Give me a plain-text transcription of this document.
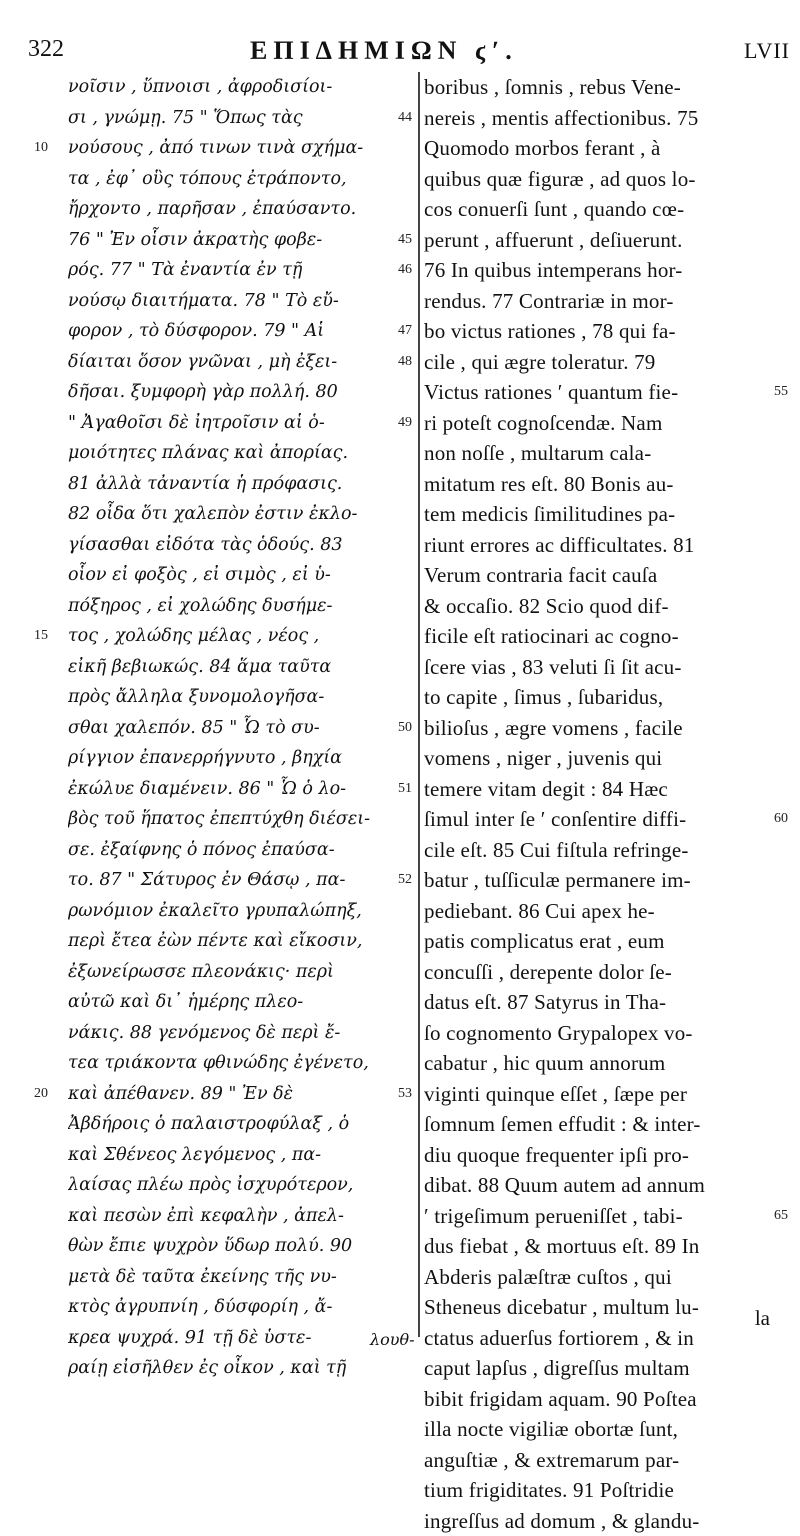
322	ΕΠΙΔΗΜΙΩΝ ϛʹ.	LVII
νοῖσιν , ὕπνοισι , ἀφροδισίοι-
σι , γνώμῃ. 75 " Ὅπως τὰς
νούσους , ἀπό τινων τινὰ σχήμα-
τα , ἐφ᾽ οὓς τόπους ἐτράποντο,
ἤρχοντο , παρῆσαν , ἐπαύσαντο.
76 " Ἐν οἷσιν ἀκρατὴς φοβε-
ρός. 77 " Τὰ ἐναντία ἐν τῇ
νούσῳ διαιτήματα. 78 " Τὸ εὔ-
φορον , τὸ δύσφορον. 79 " Αἱ
δίαιται ὅσον γνῶναι , μὴ ἐξει-
δῆσαι. ξυμφορὴ γὰρ πολλή. 80
" Ἀγαθοῖσι δὲ ἰητροῖσιν αἱ ὁ-
μοιότητες πλάνας καὶ ἀπορίας.
81 ἀλλὰ τἀναντία ἡ πρόφασις.
82 οἶδα ὅτι χαλεπὸν ἐστιν ἐκλο-
γίσασθαι εἰδότα τὰς ὁδούς. 83
οἷον εἰ φοξὸς , εἰ σιμὸς , εἰ ὑ-
πόξηρος , εἰ χολώδης δυσήμε-
τος , χολώδης μέλας , νέος ,
εἰκῆ βεβιωκώς. 84 ἅμα ταῦτα
πρὸς ἄλληλα ξυνομολογῆσα-
σθαι χαλεπόν. 85 " Ὧ τὸ συ-
ρίγγιον ἐπανερρήγνυτο , βηχία
ἐκώλυε διαμένειν. 86 " Ὧ ὁ λο-
βὸς τοῦ ἥπατος ἐπεπτύχθη διέσει-
σε. ἐξαίφνης ὁ πόνος ἐπαύσα-
το. 87 " Σάτυρος ἐν Θάσῳ , πα-
ρωνόμιον ἐκαλεῖτο γρυπαλώπηξ,
περὶ ἔτεα ἐὼν πέντε καὶ εἴκοσιν,
ἐξωνείρωσσε πλεονάκις· περὶ
αὐτῶ καὶ δι᾽ ἡμέρης πλεο-
νάκις. 88 γενόμενος δὲ περὶ ἔ-
τεα τριάκοντα φθινώδης ἐγένετο,
καὶ ἀπέθανεν. 89 " Ἐν δὲ
Ἀβδήροις ὁ παλαιστροφύλαξ , ὁ
καὶ Σθένεος λεγόμενος , πα-
λαίσας πλέω πρὸς ἰσχυρότερον,
καὶ πεσὼν ἐπὶ κεφαλὴν , ἀπελ-
θὼν ἔπιε ψυχρὸν ὕδωρ πολύ. 90
μετὰ δὲ ταῦτα ἐκείνης τῆς νυ-
κτὸς ἀγρυπνίη , δύσφορίη , ἄ-
κρεα ψυχρά. 91 τῇ δὲ ὑστε-
ραίῃ εἰσῆλθεν ἐς οἶκον , καὶ τῇ
boribus , ſomnis , rebus Vene-
nereis , mentis affectionibus. 75
Quomodo morbos ferant , à
quibus quæ figuræ , ad quos lo-
cos conuerſi ſunt , quando cœ-
perunt , affuerunt , deſiuerunt.
76 In quibus intemperans hor-
rendus. 77 Contrariæ in mor-
bo victus rationes , 78 qui fa-
cile , qui ægre toleratur. 79
Victus rationes ʹ quantum fie-
ri poteſt cognoſcendæ. Nam
non noſſe , multarum cala-
mitatum res eſt. 80 Bonis au-
tem medicis ſimilitudines pa-
riunt errores ac difficultates. 81
Verum contraria facit cauſa
& occaſio. 82 Scio quod dif-
ficile eſt ratiocinari ac cogno-
ſcere vias , 83 veluti ſi ſit acu-
to capite , ſimus , ſubaridus,
bilioſus , ægre vomens , facile
vomens , niger , juvenis qui
temere vitam degit : 84 Hæc
ſimul inter ſe ʹ conſentire diffi-
cile eſt. 85 Cui fiſtula refringe-
batur , tuſſiculæ permanere im-
pediebant. 86 Cui apex he-
patis complicatus erat , eum
concuſſi , derepente dolor ſe-
datus eſt. 87 Satyrus in Tha-
ſo cognomento Grypalopex vo-
cabatur , hic quum annorum
viginti quinque eſſet , ſæpe per
ſomnum ſemen effudit : & inter-
diu quoque frequenter ipſi pro-
dibat. 88 Quum autem ad annum
ʹ trigeſimum perueniſſet , tabi-
dus fiebat , & mortuus eſt. 89 In
Abderis palæſtræ cuſtos , qui
Stheneus dicebatur , multum lu-
ctatus aduerſus fortiorem , & in
caput lapſus , digreſſus multam
bibit frigidam aquam. 90 Poſtea
illa nocte vigiliæ obortæ ſunt,
anguſtiæ , & extremarum par-
tium frigiditates. 91 Poſtridie
ingreſſus ad domum , & glandu-
10
15
20
44
45
46
47
48
49
50
51
52
53
55
60
65
la
λουθ-
